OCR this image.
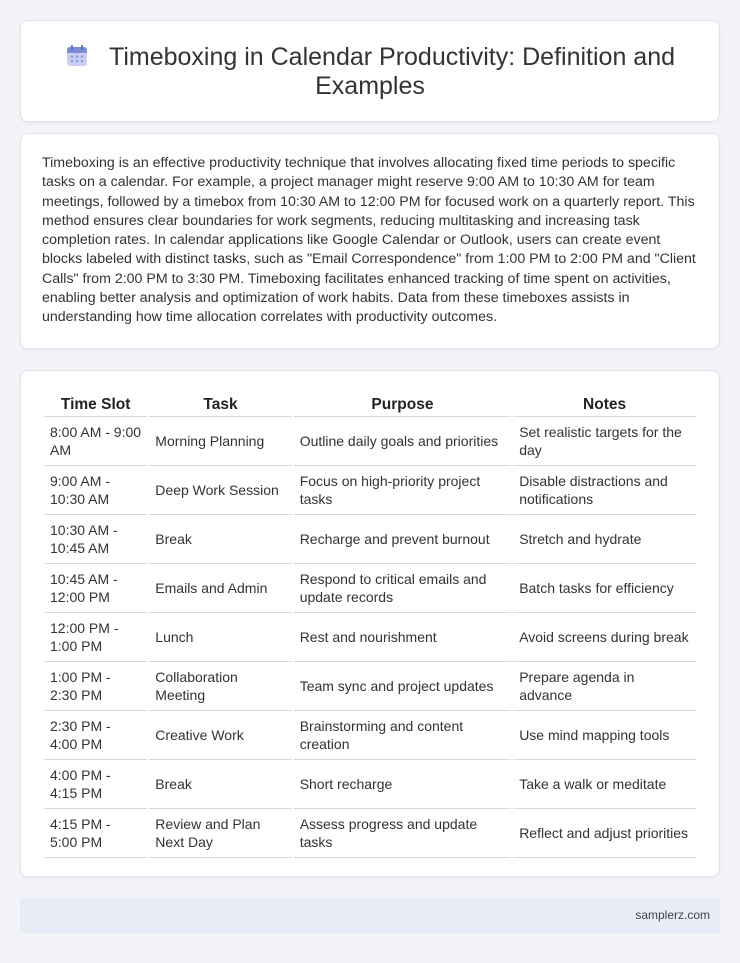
Timeboxing in Calendar Productivity: Definition and Examples

Timeboxing is an effective productivity technique that involves allocating fixed time periods to specific tasks on a calendar. For example, a project manager might reserve 9:00 AM to 10:30 AM for team meetings, followed by a timebox from 10:30 AM to 12:00 PM for focused work on a quarterly report. This method ensures clear boundaries for work segments, reducing multitasking and increasing task completion rates. In calendar applications like Google Calendar or Outlook, users can create event blocks labeled with distinct tasks, such as "Email Correspondence" from 1:00 PM to 2:00 PM and "Client Calls" from 2:00 PM to 3:30 PM. Timeboxing facilitates enhanced tracking of time spent on activities, enabling better analysis and optimization of work habits. Data from these timeboxes assists in understanding how time allocation correlates with productivity outcomes.

Time Slot	Task	Purpose	Notes
8:00 AM - 9:00 AM	Morning Planning	Outline daily goals and priorities	Set realistic targets for the day
9:00 AM - 10:30 AM	Deep Work Session	Focus on high-priority project tasks	Disable distractions and notifications
10:30 AM - 10:45 AM	Break	Recharge and prevent burnout	Stretch and hydrate
10:45 AM - 12:00 PM	Emails and Admin	Respond to critical emails and update records	Batch tasks for efficiency
12:00 PM - 1:00 PM	Lunch	Rest and nourishment	Avoid screens during break
1:00 PM - 2:30 PM	Collaboration Meeting	Team sync and project updates	Prepare agenda in advance
2:30 PM - 4:00 PM	Creative Work	Brainstorming and content creation	Use mind mapping tools
4:00 PM - 4:15 PM	Break	Short recharge	Take a walk or meditate
4:15 PM - 5:00 PM	Review and Plan Next Day	Assess progress and update tasks	Reflect and adjust priorities
samplerz.com
